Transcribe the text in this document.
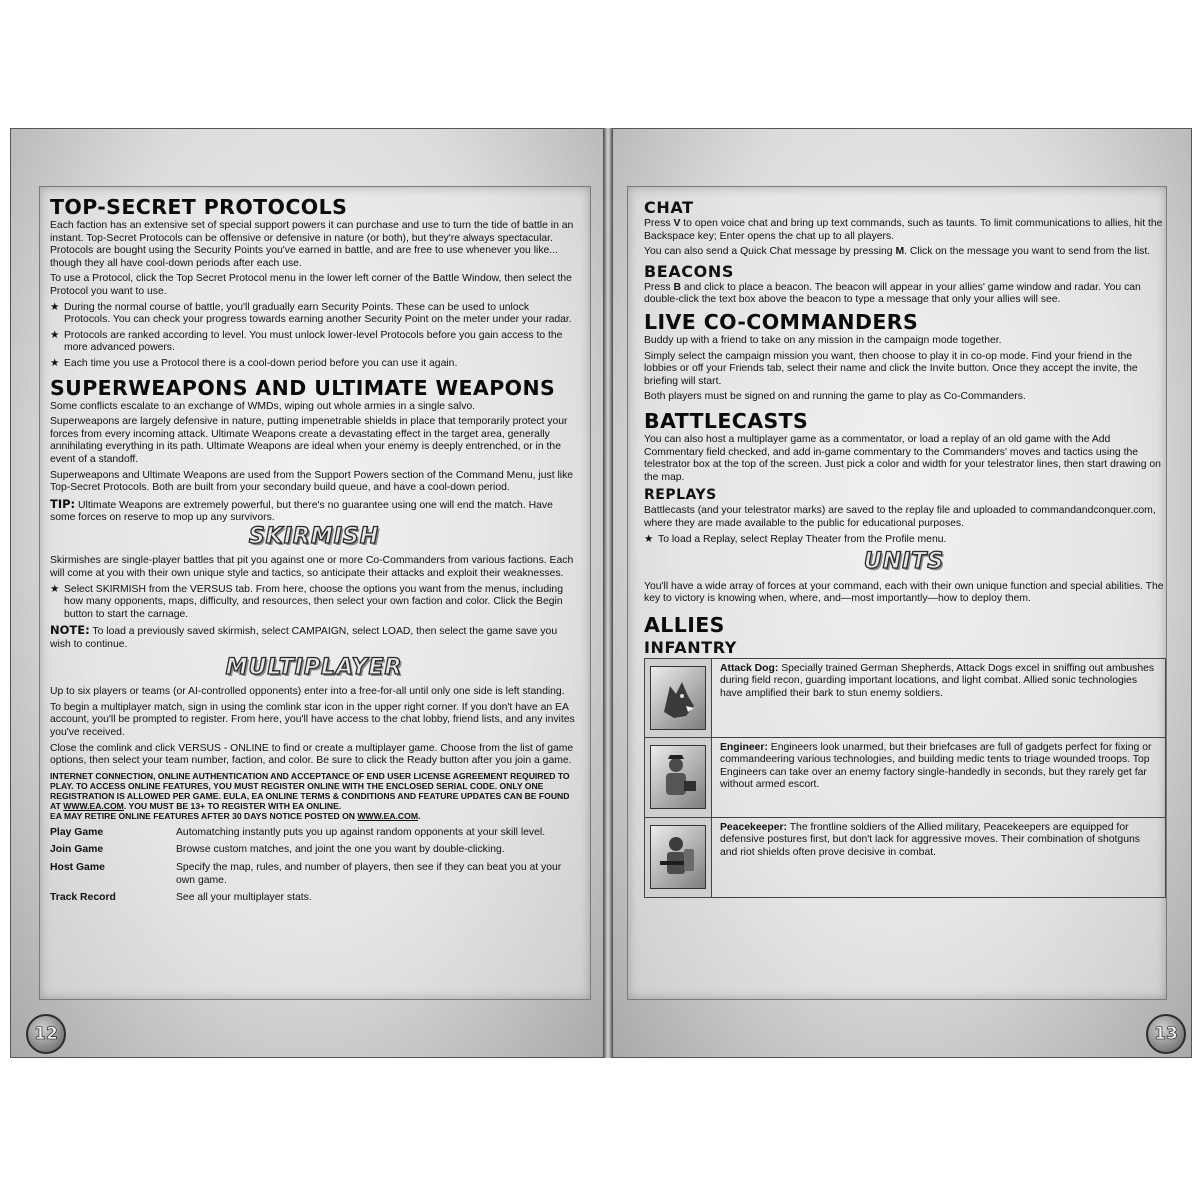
TOP-SECRET PROTOCOLS

Each faction has an extensive set of special support powers it can purchase and use to turn the tide of battle in an instant. Top-Secret Protocols can be offensive or defensive in nature (or both), but they're always spectacular. Protocols are bought using the Security Points you've earned in battle, and are free to use whenever you like... though they all have cool-down periods after each use.

To use a Protocol, click the Top Secret Protocol menu in the lower left corner of the Battle Window, then select the Protocol you want to use.

★ During the normal course of battle, you'll gradually earn Security Points. These can be used to unlock Protocols. You can check your progress towards earning another Security Point on the meter under your radar.
★ Protocols are ranked according to level. You must unlock lower-level Protocols before you gain access to the more advanced powers.
★ Each time you use a Protocol there is a cool-down period before you can use it again.
SUPERWEAPONS AND ULTIMATE WEAPONS

Some conflicts escalate to an exchange of WMDs, wiping out whole armies in a single salvo.

Superweapons are largely defensive in nature, putting impenetrable shields in place that temporarily protect your forces from every incoming attack. Ultimate Weapons create a devastating effect in the target area, generally annihilating everything in its path. Ultimate Weapons are ideal when your enemy is deeply entrenched, or in the event of a standoff.

Superweapons and Ultimate Weapons are used from the Support Powers section of the Command Menu, just like Top-Secret Protocols. Both are built from your secondary build queue, and have a cool-down period.

TIP: Ultimate Weapons are extremely powerful, but there's no guarantee using one will end the match. Have some forces on reserve to mop up any survivors.

SKIRMISH

Skirmishes are single-player battles that pit you against one or more Co-Commanders from various factions. Each will come at you with their own unique style and tactics, so anticipate their attacks and exploit their weaknesses.

★ Select SKIRMISH from the VERSUS tab. From here, choose the options you want from the menus, including how many opponents, maps, difficulty, and resources, then select your own faction and color. Click the Begin button to start the carnage.

NOTE: To load a previously saved skirmish, select CAMPAIGN, select LOAD, then select the game save you wish to continue.

MULTIPLAYER

Up to six players or teams (or AI-controlled opponents) enter into a free-for-all until only one side is left standing.

To begin a multiplayer match, sign in using the comlink star icon in the upper right corner. If you don't have an EA account, you'll be prompted to register. From here, you'll have access to the chat lobby, friend lists, and any invites you've received.

Close the comlink and click VERSUS - ONLINE to find or create a multiplayer game. Choose from the list of game options, then select your team number, faction, and color. Be sure to click the Ready button after you join a game.

INTERNET CONNECTION, ONLINE AUTHENTICATION AND ACCEPTANCE OF END USER LICENSE AGREEMENT REQUIRED TO PLAY. TO ACCESS ONLINE FEATURES, YOU MUST REGISTER ONLINE WITH THE ENCLOSED SERIAL CODE. ONLY ONE REGISTRATION IS ALLOWED PER GAME. EULA, EA ONLINE TERMS & CONDITIONS AND FEATURE UPDATES CAN BE FOUND AT WWW.EA.COM. YOU MUST BE 13+ TO REGISTER WITH EA ONLINE.
EA MAY RETIRE ONLINE FEATURES AFTER 30 DAYS NOTICE POSTED ON WWW.EA.COM.
Play Game	Automatching instantly puts you up against random opponents at your skill level.
Join Game	Browse custom matches, and joint the one you want by double-clicking.
Host Game	Specify the map, rules, and number of players, then see if they can beat you at your own game.
Track Record	See all your multiplayer stats.
12
CHAT

Press V to open voice chat and bring up text commands, such as taunts. To limit communications to allies, hit the Backspace key; Enter opens the chat up to all players.

You can also send a Quick Chat message by pressing M. Click on the message you want to send from the list.

BEACONS

Press B and click to place a beacon. The beacon will appear in your allies' game window and radar. You can double-click the text box above the beacon to type a message that only your allies will see.

LIVE CO-COMMANDERS

Buddy up with a friend to take on any mission in the campaign mode together.

Simply select the campaign mission you want, then choose to play it in co-op mode. Find your friend in the lobbies or off your Friends tab, select their name and click the Invite button. Once they accept the invite, the briefing will start.

Both players must be signed on and running the game to play as Co-Commanders.

BATTLECASTS

You can also host a multiplayer game as a commentator, or load a replay of an old game with the Add Commentary field checked, and add in-game commentary to the Commanders' moves and tactics using the telestrator box at the top of the screen. Just pick a color and width for your telestrator lines, then start drawing on the map.

REPLAYS

Battlecasts (and your telestrator marks) are saved to the replay file and uploaded to commandandconquer.com, where they are made available to the public for educational purposes.

★ To load a Replay, select Replay Theater from the Profile menu.
UNITS

You'll have a wide array of forces at your command, each with their own unique function and special abilities. The key to victory is knowing when, where, and—most importantly—how to deploy them.

ALLIES
INFANTRY
Attack Dog: Specially trained German Shepherds, Attack Dogs excel in sniffing out ambushes during field recon, guarding important locations, and light combat. Allied sonic technologies have amplified their bark to stun enemy soldiers.
Engineer: Engineers look unarmed, but their briefcases are full of gadgets perfect for fixing or commandeering various technologies, and building medic tents to triage wounded troops. Top Engineers can take over an enemy factory single-handedly in seconds, but they rarely get far without armed escort.
Peacekeeper: The frontline soldiers of the Allied military, Peacekeepers are equipped for defensive postures first, but don't lack for aggressive moves. Their combination of shotguns and riot shields often prove decisive in combat.
13
